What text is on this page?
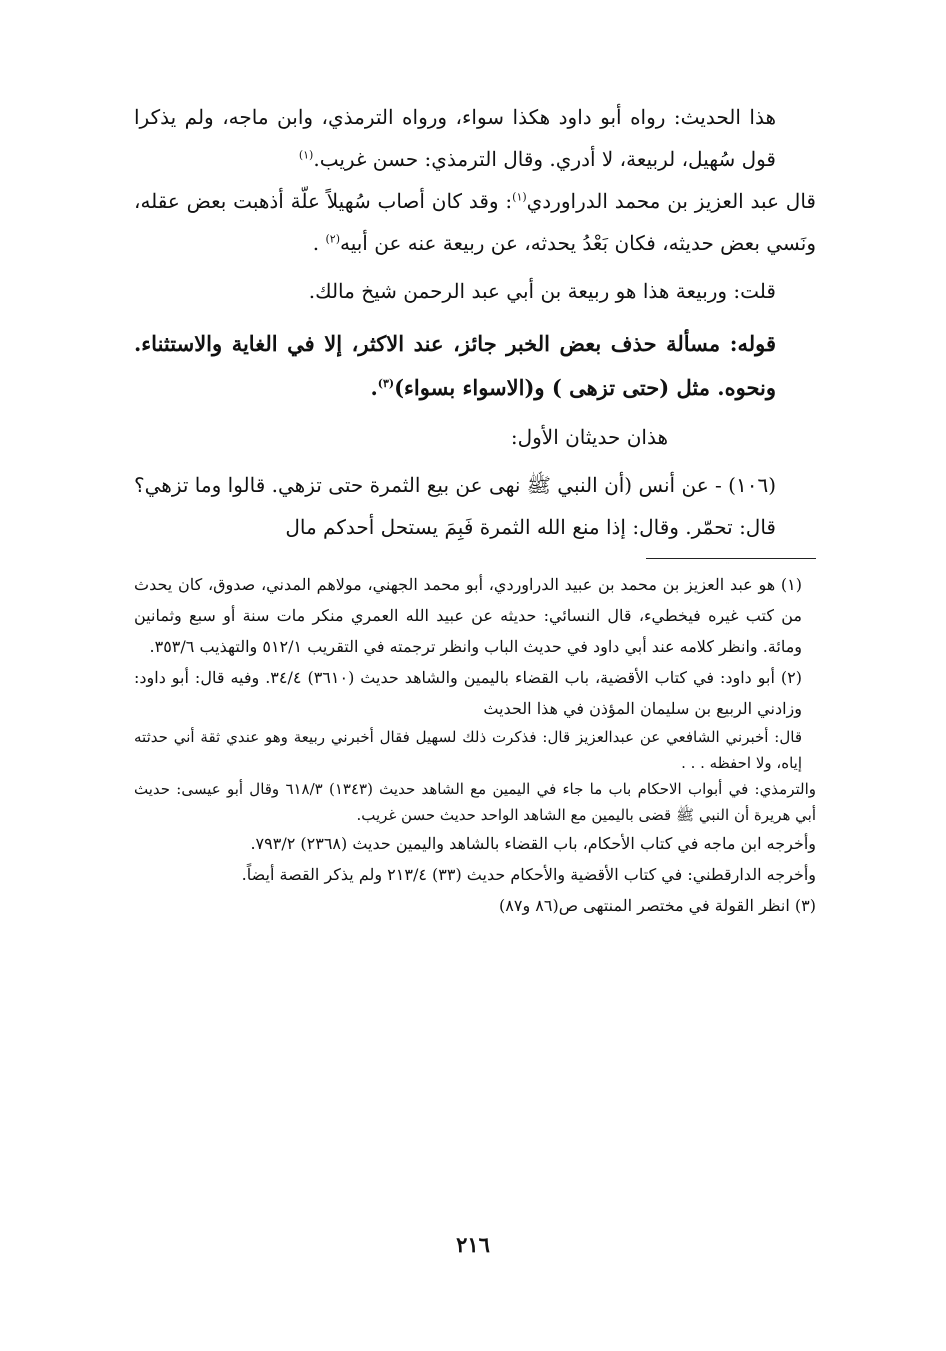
هذا الحديث: رواه أبو داود هكذا سواء، ورواه الترمذي، وابن ماجه، ولم يذكرا قول سُهيل، لربيعة، لا أدري. وقال الترمذي: حسن غريب.$^{(١)}$

قال عبد العزيز بن محمد الدراوردي$^{(١)}$: وقد كان أصاب سُهيلاً علّة أذهبت بعض عقله، ونَسي بعض حديثه، فكان بَعْدُ يحدثه، عن ربيعة عنه عن أبيه$^{(٢)}$ .

قلت: وربيعة هذا هو ربيعة بن أبي عبد الرحمن شيخ مالك.

قوله: مسألة حذف بعض الخبر جائز، عند الاكثر، إلا في الغاية والاستثناء. ونحوه. مثل (حتى تزهى ) و(الاسواء بسواء)$^{(٣)}$.

هذان حديثان الأول:

(١٠٦) - عن أنس (أن النبي ﷺ نهى عن بيع الثمرة حتى تزهي. قالوا وما تزهي؟ قال: تحمّر. وقال: إذا منع الله الثمرة فَبِمَ يستحل أحدكم مال

(١) هو عبد العزيز بن محمد بن عبيد الدراوردي، أبو محمد الجهني، مولاهم المدني، صدوق، كان يحدث من كتب غيره فيخطيء، قال النسائي: حديثه عن عبيد الله العمري منكر مات سنة أو سبع وثمانين ومائة. وانظر كلامه عند أبي داود في حديث الباب وانظر ترجمته في التقريب ٥١٢/١ والتهذيب ٣٥٣/٦.

(٢) أبو داود: في كتاب الأقضية، باب القضاء باليمين والشاهد حديث (٣٦١٠) ٣٤/٤. وفيه قال: أبو داود: وزادني الربيع بن سليمان المؤذن في هذا الحديث

قال: أخبرني الشافعي عن عبدالعزيز قال: فذكرت ذلك لسهيل فقال أخبرني ربيعة وهو عندي ثقة أني حدثته إياه، ولا احفظه . . .

والترمذي: في أبواب الاحكام باب ما جاء في اليمين مع الشاهد حديث (١٣٤٣) ٦١٨/٣ وقال أبو عيسى: حديث أبي هريرة أن النبي ﷺ قضى باليمين مع الشاهد الواحد حديث حسن غريب.

وأخرجه ابن ماجه في كتاب الأحكام، باب القضاء بالشاهد واليمين حديث (٢٣٦٨) ٧٩٣/٢.

وأخرجه الدارقطني: في كتاب الأقضية والأحكام حديث (٣٣) ٢١٣/٤ ولم يذكر القصة أيضاً.

(٣) انظر القولة في مختصر المنتهى ص(٨٦ و٨٧)

٢١٦
